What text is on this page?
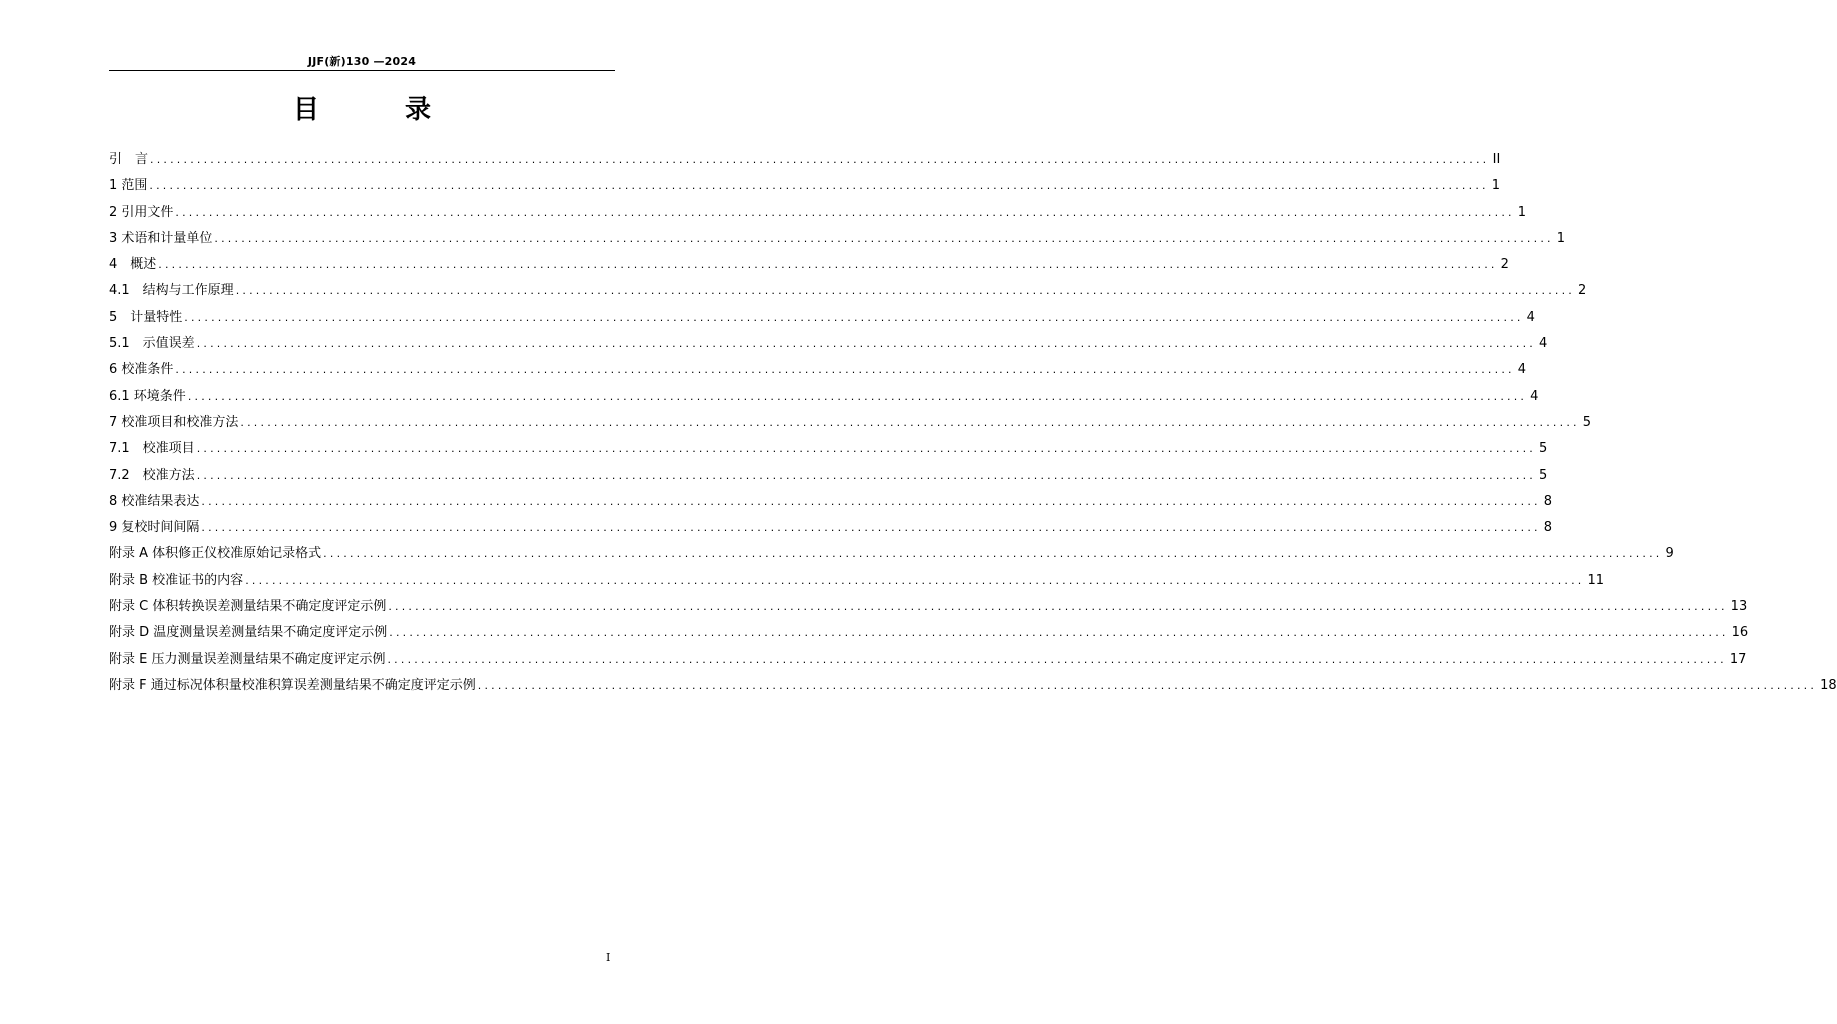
JJF(新)130 —2024
目　录
引　言 ........................................................................................................................................................................................................ II
1 范围 ........................................................................................................................................................................................................ 1
2 引用文件 ........................................................................................................................................................................................................ 1
3 术语和计量单位 ........................................................................................................................................................................................................ 1
4　概述 ........................................................................................................................................................................................................ 2
4.1　结构与工作原理 ........................................................................................................................................................................................................ 2
5　计量特性 ........................................................................................................................................................................................................ 4
5.1　示值误差 ........................................................................................................................................................................................................ 4
6 校准条件 ........................................................................................................................................................................................................ 4
6.1 环境条件 ........................................................................................................................................................................................................ 4
7 校准项目和校准方法 ........................................................................................................................................................................................................ 5
7.1　校准项目 ........................................................................................................................................................................................................ 5
7.2　校准方法 ........................................................................................................................................................................................................ 5
8 校准结果表达 ........................................................................................................................................................................................................ 8
9 复校时间间隔 ........................................................................................................................................................................................................ 8
附录 A 体积修正仪校准原始记录格式 ........................................................................................................................................................................................................ 9
附录 B 校准证书的内容 ........................................................................................................................................................................................................ 11
附录 C 体积转换误差测量结果不确定度评定示例 ........................................................................................................................................................................................................ 13
附录 D 温度测量误差测量结果不确定度评定示例 ........................................................................................................................................................................................................ 16
附录 E 压力测量误差测量结果不确定度评定示例 ........................................................................................................................................................................................................ 17
附录 F 通过标况体积量校准积算误差测量结果不确定度评定示例 ........................................................................................................................................................................................................ 18
I
